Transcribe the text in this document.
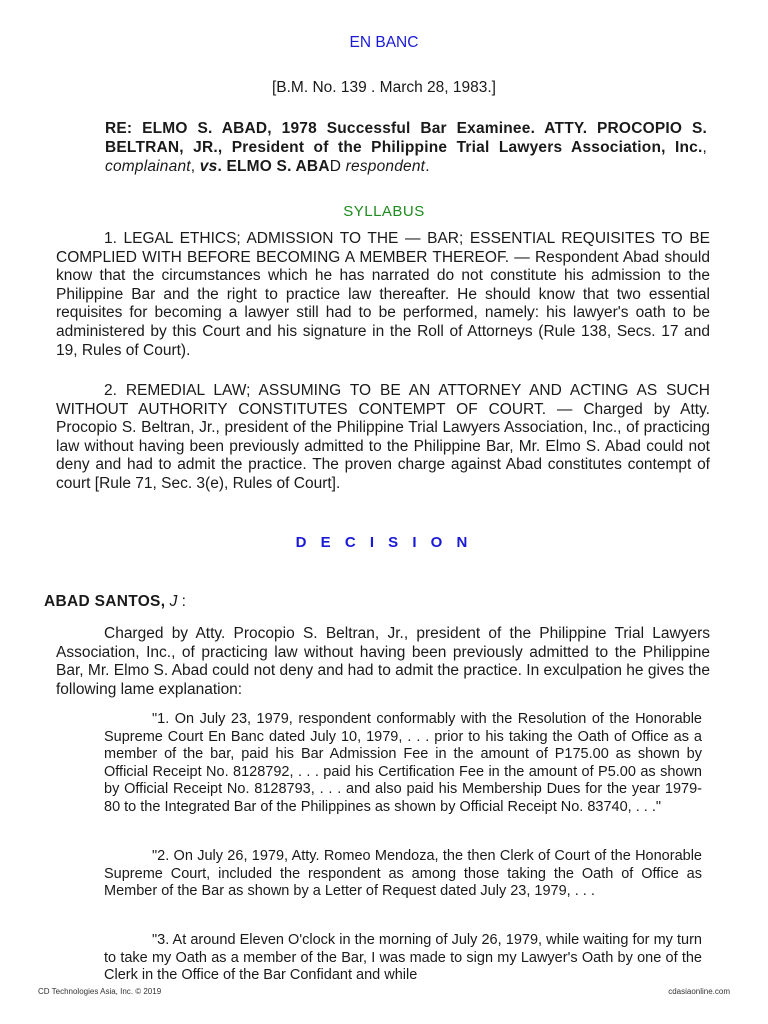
EN BANC
[B.M. No. 139 . March 28, 1983.]
RE: ELMO S. ABAD, 1978 Successful Bar Examinee. ATTY. PROCOPIO S. BELTRAN, JR., President of the Philippine Trial Lawyers Association, Inc., complainant, vs. ELMO S. ABAD respondent.
SYLLABUS

1. LEGAL ETHICS; ADMISSION TO THE — BAR; ESSENTIAL REQUISITES TO BE COMPLIED WITH BEFORE BECOMING A MEMBER THEREOF. — Respondent Abad should know that the circumstances which he has narrated do not constitute his admission to the Philippine Bar and the right to practice law thereafter. He should know that two essential requisites for becoming a lawyer still had to be performed, namely: his lawyer's oath to be administered by this Court and his signature in the Roll of Attorneys (Rule 138, Secs. 17 and 19, Rules of Court).

2. REMEDIAL LAW; ASSUMING TO BE AN ATTORNEY AND ACTING AS SUCH WITHOUT AUTHORITY CONSTITUTES CONTEMPT OF COURT. — Charged by Atty. Procopio S. Beltran, Jr., president of the Philippine Trial Lawyers Association, Inc., of practicing law without having been previously admitted to the Philippine Bar, Mr. Elmo S. Abad could not deny and had to admit the practice. The proven charge against Abad constitutes contempt of court [Rule 71, Sec. 3(e), Rules of Court].

D E C I S I O N
ABAD SANTOS, J :

Charged by Atty. Procopio S. Beltran, Jr., president of the Philippine Trial Lawyers Association, Inc., of practicing law without having been previously admitted to the Philippine Bar, Mr. Elmo S. Abad could not deny and had to admit the practice. In exculpation he gives the following lame explanation:

"1. On July 23, 1979, respondent conformably with the Resolution of the Honorable Supreme Court En Banc dated July 10, 1979, . . . prior to his taking the Oath of Office as a member of the bar, paid his Bar Admission Fee in the amount of P175.00 as shown by Official Receipt No. 8128792, . . . paid his Certification Fee in the amount of P5.00 as shown by Official Receipt No. 8128793, . . . and also paid his Membership Dues for the year 1979-80 to the Integrated Bar of the Philippines as shown by Official Receipt No. 83740, . . ."

"2. On July 26, 1979, Atty. Romeo Mendoza, the then Clerk of Court of the Honorable Supreme Court, included the respondent as among those taking the Oath of Office as Member of the Bar as shown by a Letter of Request dated July 23, 1979, . . .

"3. At around Eleven O'clock in the morning of July 26, 1979, while waiting for my turn to take my Oath as a member of the Bar, I was made to sign my Lawyer's Oath by one of the Clerk in the Office of the Bar Confidant and while

CD Technologies Asia, Inc. © 2019	cdasiaonline.com
